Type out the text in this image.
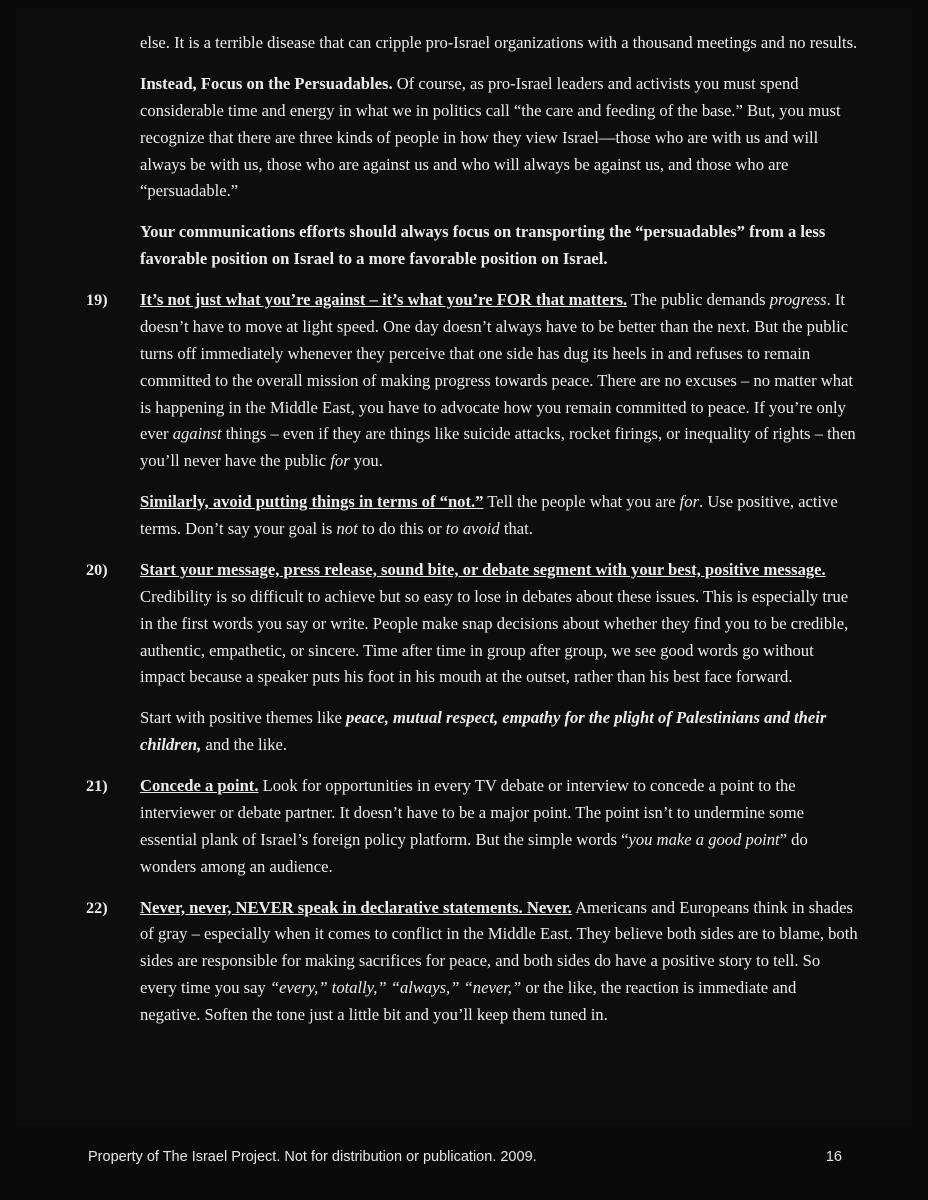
else. It is a terrible disease that can cripple pro-Israel organizations with a thousand meetings and no results.

Instead, Focus on the Persuadables. Of course, as pro-Israel leaders and activists you must spend considerable time and energy in what we in politics call “the care and feeding of the base.” But, you must recognize that there are three kinds of people in how they view Israel—those who are with us and will always be with us, those who are against us and who will always be against us, and those who are “persuadable.”

Your communications efforts should always focus on transporting the “persuadables” from a less favorable position on Israel to a more favorable position on Israel.

19) It’s not just what you’re against – it’s what you’re FOR that matters. The public demands progress. It doesn’t have to move at light speed. One day doesn’t always have to be better than the next. But the public turns off immediately whenever they perceive that one side has dug its heels in and refuses to remain committed to the overall mission of making progress towards peace. There are no excuses – no matter what is happening in the Middle East, you have to advocate how you remain committed to peace. If you’re only ever against things – even if they are things like suicide attacks, rocket firings, or inequality of rights – then you’ll never have the public for you.

Similarly, avoid putting things in terms of “not.” Tell the people what you are for. Use positive, active terms. Don’t say your goal is not to do this or to avoid that.

20) Start your message, press release, sound bite, or debate segment with your best, positive message. Credibility is so difficult to achieve but so easy to lose in debates about these issues. This is especially true in the first words you say or write. People make snap decisions about whether they find you to be credible, authentic, empathetic, or sincere. Time after time in group after group, we see good words go without impact because a speaker puts his foot in his mouth at the outset, rather than his best face forward.

Start with positive themes like peace, mutual respect, empathy for the plight of Palestinians and their children, and the like.

21) Concede a point. Look for opportunities in every TV debate or interview to concede a point to the interviewer or debate partner. It doesn’t have to be a major point. The point isn’t to undermine some essential plank of Israel’s foreign policy platform. But the simple words “you make a good point” do wonders among an audience.
22) Never, never, NEVER speak in declarative statements. Never. Americans and Europeans think in shades of gray – especially when it comes to conflict in the Middle East. They believe both sides are to blame, both sides are responsible for making sacrifices for peace, and both sides do have a positive story to tell. So every time you say “every,” totally,” “always,” “never,” or the like, the reaction is immediate and negative. Soften the tone just a little bit and you’ll keep them tuned in.
Property of The Israel Project. Not for distribution or publication. 2009.	16
